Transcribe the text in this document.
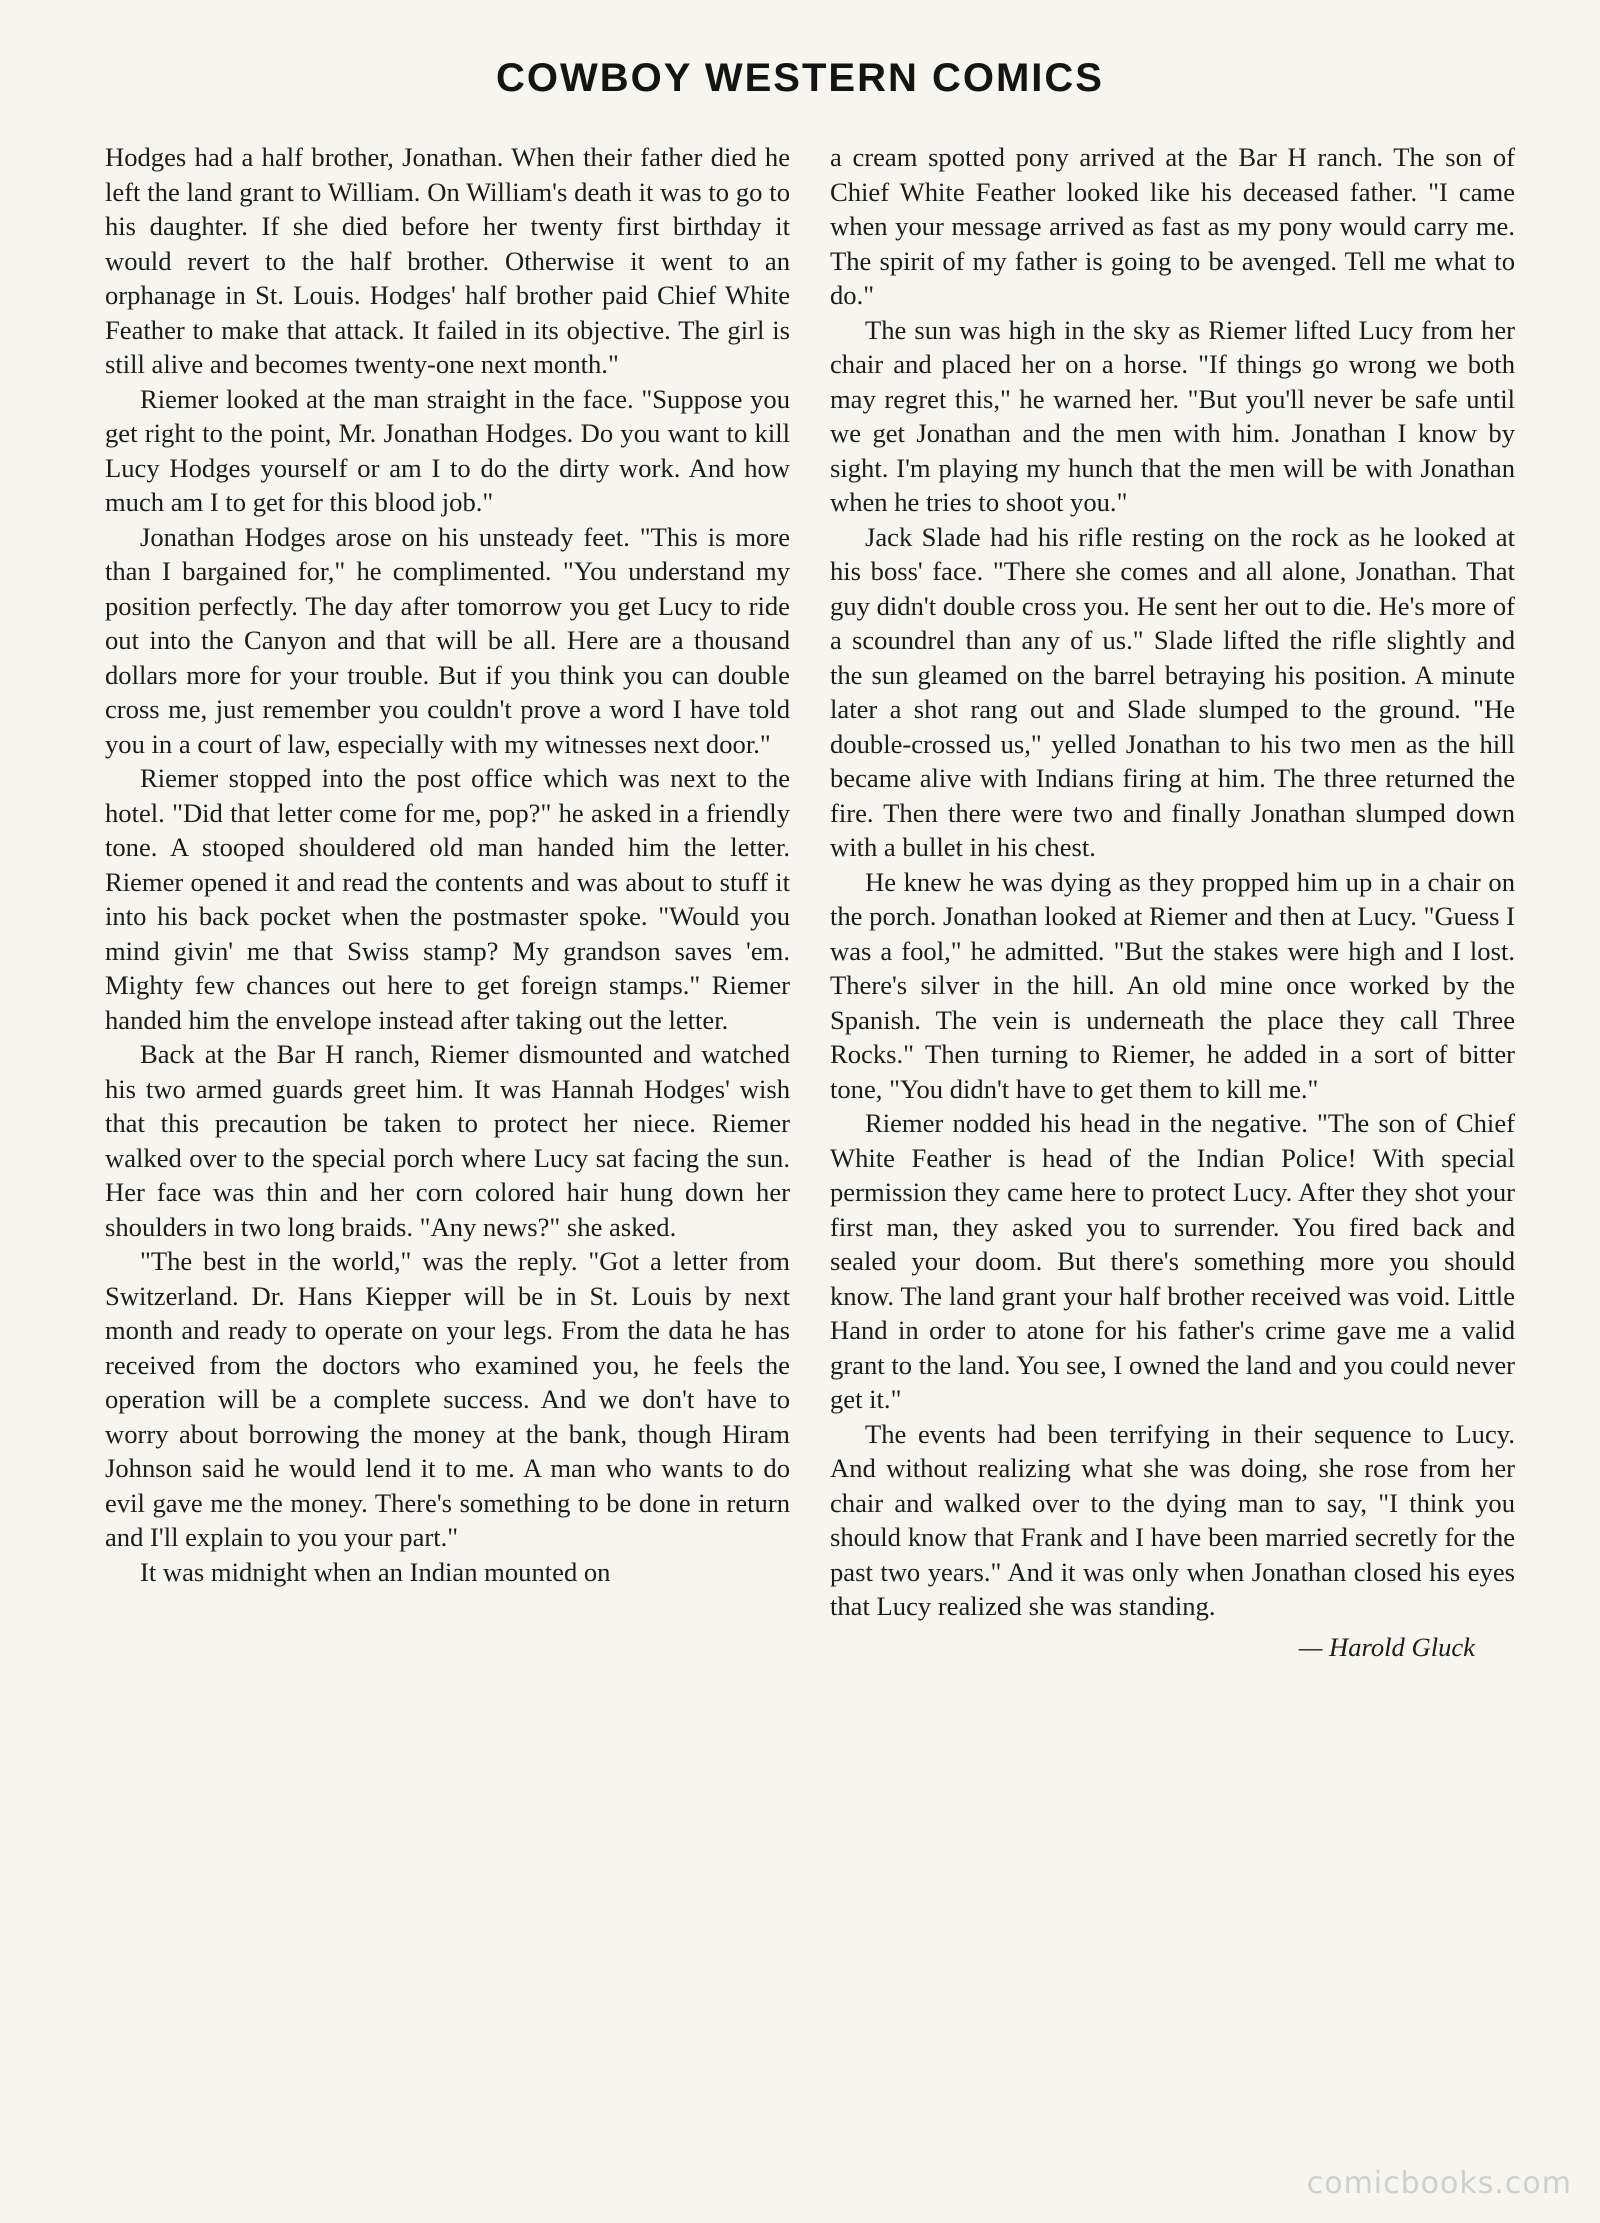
COWBOY WESTERN COMICS

Hodges had a half brother, Jonathan. When their father died he left the land grant to William. On William's death it was to go to his daughter. If she died before her twenty first birthday it would revert to the half brother. Otherwise it went to an orphanage in St. Louis. Hodges' half brother paid Chief White Feather to make that attack. It failed in its objective. The girl is still alive and becomes twenty-one next month."

Riemer looked at the man straight in the face. "Suppose you get right to the point, Mr. Jonathan Hodges. Do you want to kill Lucy Hodges yourself or am I to do the dirty work. And how much am I to get for this blood job."

Jonathan Hodges arose on his unsteady feet. "This is more than I bargained for," he complimented. "You understand my position perfectly. The day after tomorrow you get Lucy to ride out into the Canyon and that will be all. Here are a thousand dollars more for your trouble. But if you think you can double cross me, just remember you couldn't prove a word I have told you in a court of law, especially with my witnesses next door."

Riemer stopped into the post office which was next to the hotel. "Did that letter come for me, pop?" he asked in a friendly tone. A stooped shouldered old man handed him the letter. Riemer opened it and read the contents and was about to stuff it into his back pocket when the postmaster spoke. "Would you mind givin' me that Swiss stamp? My grandson saves 'em. Mighty few chances out here to get foreign stamps." Riemer handed him the envelope instead after taking out the letter.

Back at the Bar H ranch, Riemer dismounted and watched his two armed guards greet him. It was Hannah Hodges' wish that this precaution be taken to protect her niece. Riemer walked over to the special porch where Lucy sat facing the sun. Her face was thin and her corn colored hair hung down her shoulders in two long braids. "Any news?" she asked.

"The best in the world," was the reply. "Got a letter from Switzerland. Dr. Hans Kiepper will be in St. Louis by next month and ready to operate on your legs. From the data he has received from the doctors who examined you, he feels the operation will be a complete success. And we don't have to worry about borrowing the money at the bank, though Hiram Johnson said he would lend it to me. A man who wants to do evil gave me the money. There's something to be done in return and I'll explain to you your part."

It was midnight when an Indian mounted on

a cream spotted pony arrived at the Bar H ranch. The son of Chief White Feather looked like his deceased father. "I came when your message arrived as fast as my pony would carry me. The spirit of my father is going to be avenged. Tell me what to do."

The sun was high in the sky as Riemer lifted Lucy from her chair and placed her on a horse. "If things go wrong we both may regret this," he warned her. "But you'll never be safe until we get Jonathan and the men with him. Jonathan I know by sight. I'm playing my hunch that the men will be with Jonathan when he tries to shoot you."

Jack Slade had his rifle resting on the rock as he looked at his boss' face. "There she comes and all alone, Jonathan. That guy didn't double cross you. He sent her out to die. He's more of a scoundrel than any of us." Slade lifted the rifle slightly and the sun gleamed on the barrel betraying his position. A minute later a shot rang out and Slade slumped to the ground. "He double-crossed us," yelled Jonathan to his two men as the hill became alive with Indians firing at him. The three returned the fire. Then there were two and finally Jonathan slumped down with a bullet in his chest.

He knew he was dying as they propped him up in a chair on the porch. Jonathan looked at Riemer and then at Lucy. "Guess I was a fool," he admitted. "But the stakes were high and I lost. There's silver in the hill. An old mine once worked by the Spanish. The vein is underneath the place they call Three Rocks." Then turning to Riemer, he added in a sort of bitter tone, "You didn't have to get them to kill me."

Riemer nodded his head in the negative. "The son of Chief White Feather is head of the Indian Police! With special permission they came here to protect Lucy. After they shot your first man, they asked you to surrender. You fired back and sealed your doom. But there's something more you should know. The land grant your half brother received was void. Little Hand in order to atone for his father's crime gave me a valid grant to the land. You see, I owned the land and you could never get it."

The events had been terrifying in their sequence to Lucy. And without realizing what she was doing, she rose from her chair and walked over to the dying man to say, "I think you should know that Frank and I have been married secretly for the past two years." And it was only when Jonathan closed his eyes that Lucy realized she was standing.

— Harold Gluck

comicbooks.com
